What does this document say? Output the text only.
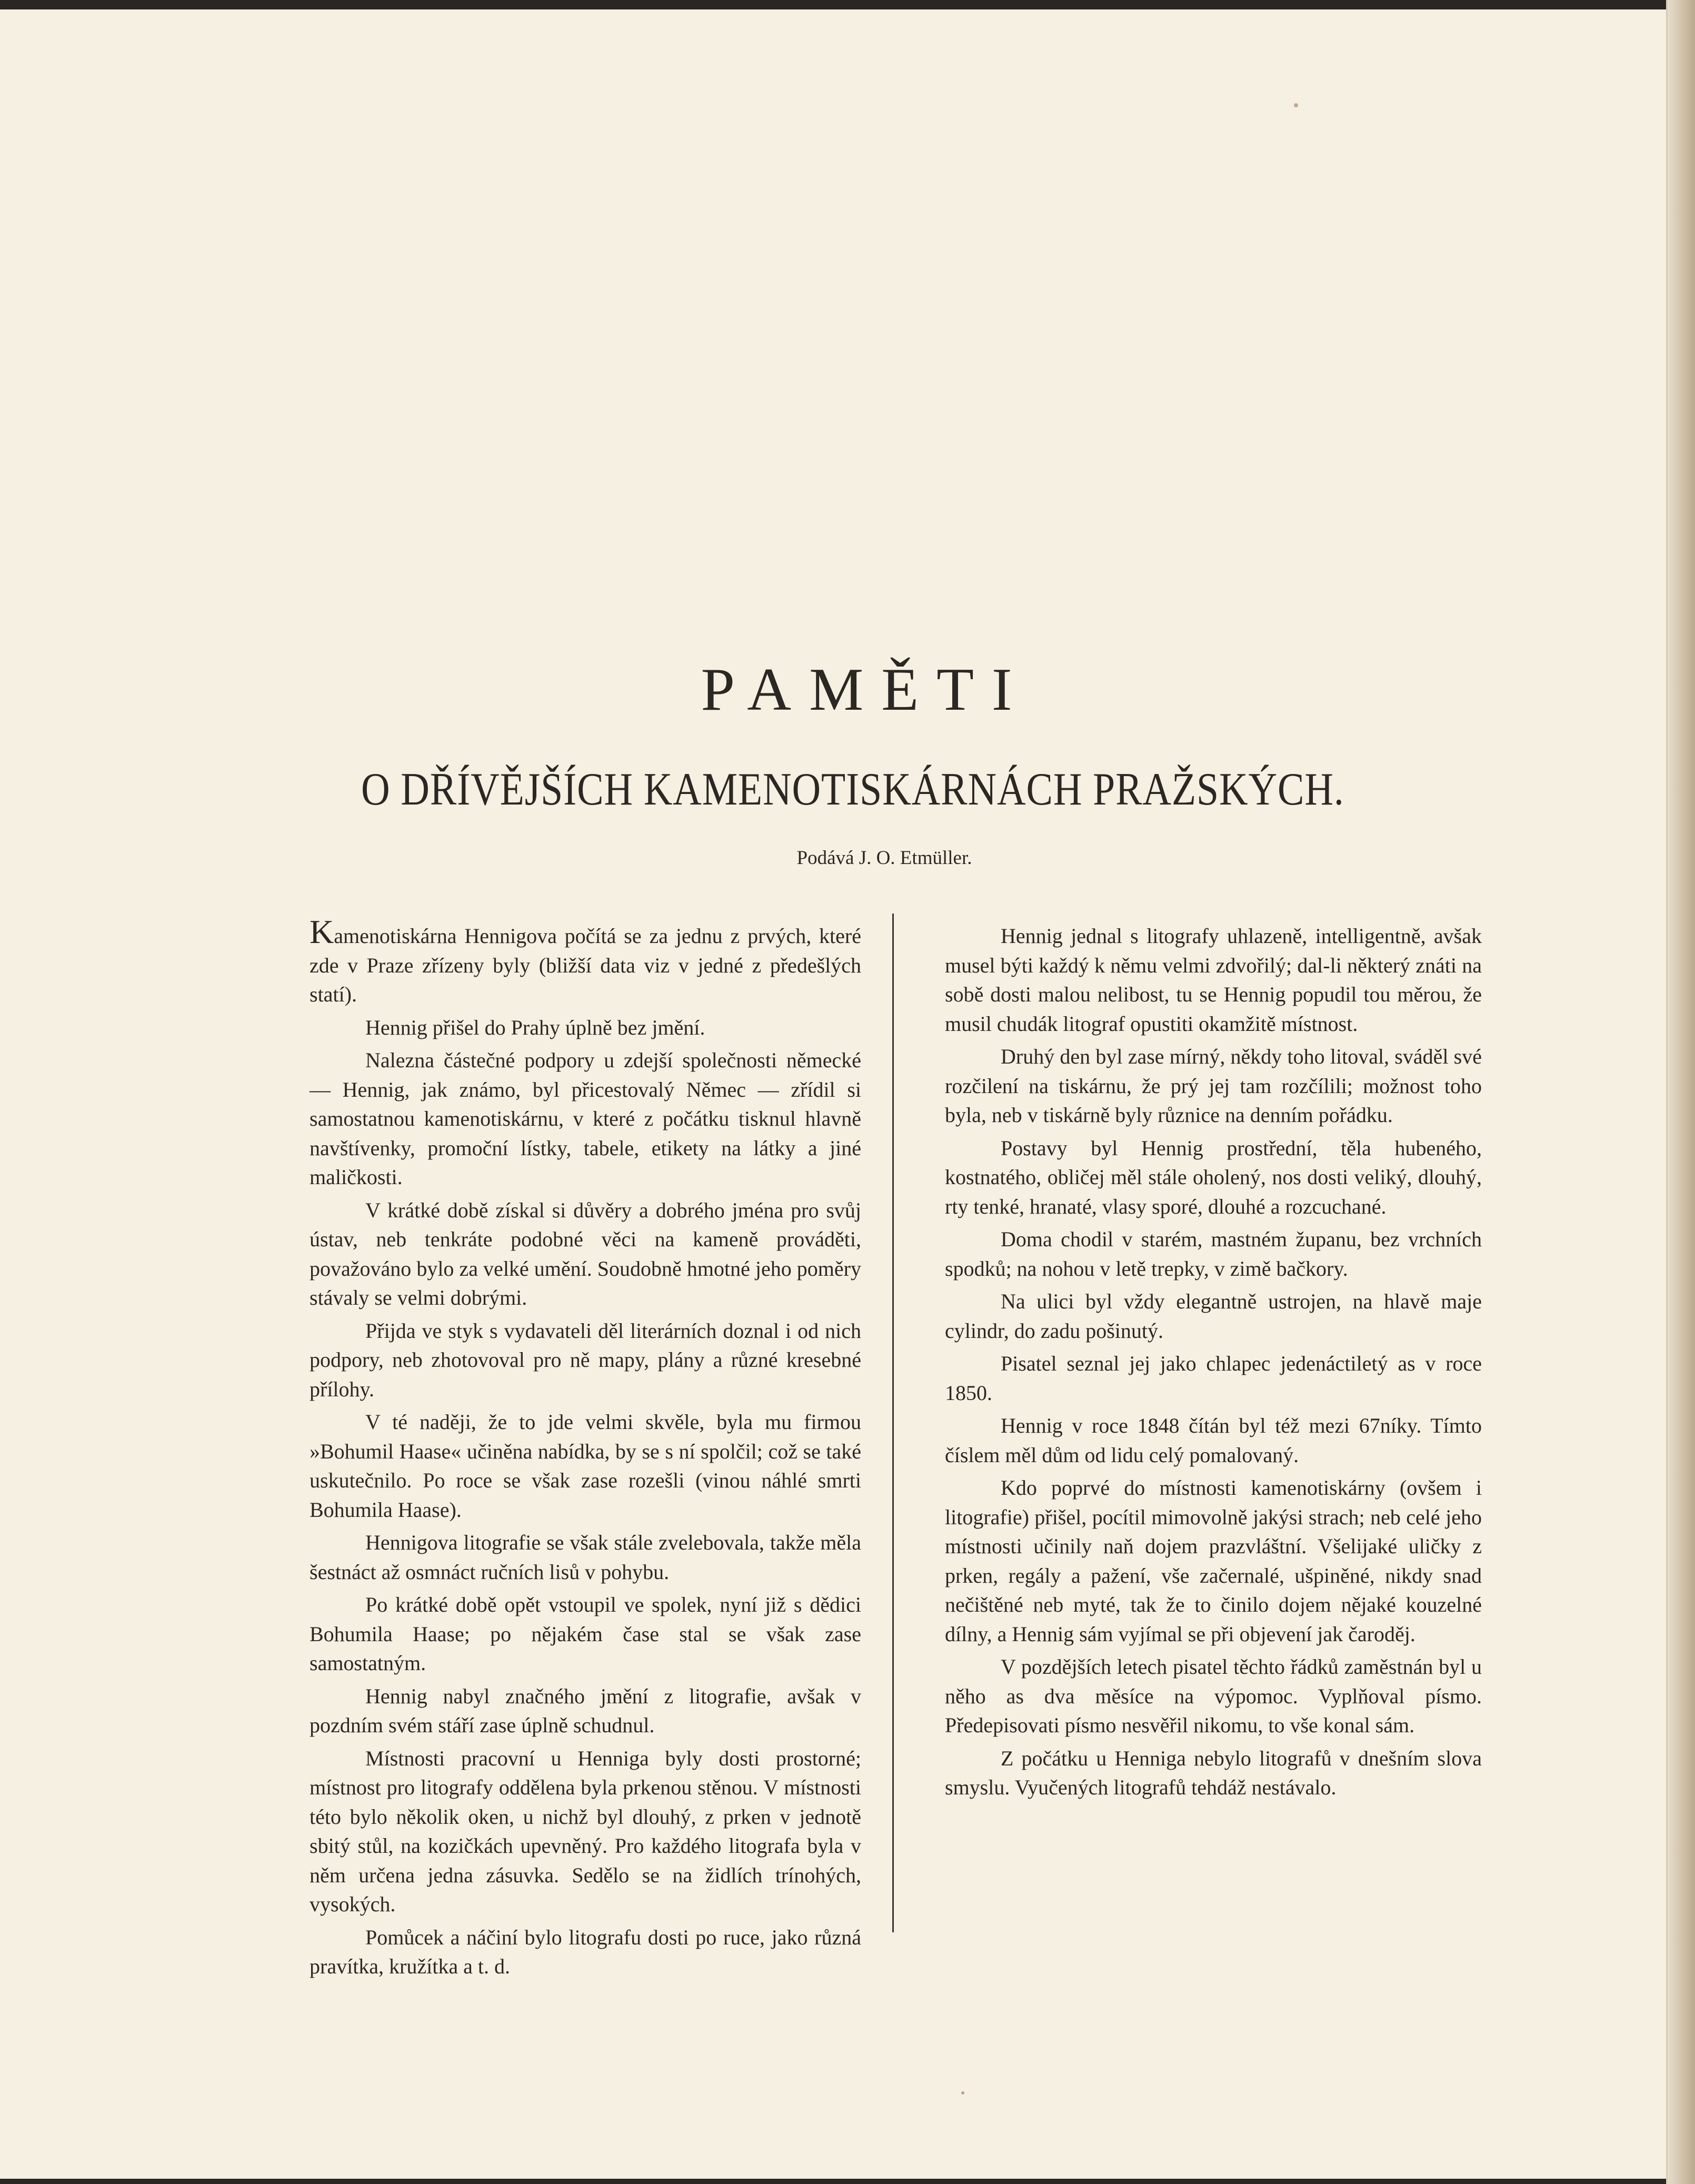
PAMĚTI
O DŘÍVĚJŠÍCH KAMENOTISKÁRNÁCH PRAŽSKÝCH.
Podává J. O. Etmüller.

Kamenotiskárna Hennigova počítá se za jednu z prvých, které zde v Praze zřízeny byly (bližší data viz v jedné z předešlých statí).

Hennig přišel do Prahy úplně bez jmění.

Nalezna částečné podpory u zdejší společnosti německé — Hennig, jak známo, byl přicestovalý Němec — zřídil si samostatnou kamenotiskárnu, v které z počátku tisknul hlavně navštívenky, promoční lístky, tabele, etikety na látky a jiné maličkosti.

V krátké době získal si důvěry a dobrého jména pro svůj ústav, neb tenkráte podobné věci na kameně prováděti, považováno bylo za velké umění. Soudobně hmotné jeho poměry stávaly se velmi dobrými.

Přijda ve styk s vydavateli děl literárních doznal i od nich podpory, neb zhotovoval pro ně mapy, plány a různé kresebné přílohy.

V té naději, že to jde velmi skvěle, byla mu firmou »Bohumil Haase« učiněna nabídka, by se s ní spolčil; což se také uskutečnilo. Po roce se však zase rozešli (vinou náhlé smrti Bohumila Haase).

Hennigova litografie se však stále zvelebovala, takže měla šestnáct až osmnáct ručních lisů v pohybu.

Po krátké době opět vstoupil ve spolek, nyní již s dědici Bohumila Haase; po nějakém čase stal se však zase samostatným.

Hennig nabyl značného jmění z litografie, avšak v pozdním svém stáří zase úplně schudnul.

Místnosti pracovní u Henniga byly dosti prostorné; místnost pro litografy oddělena byla prkenou stěnou. V místnosti této bylo několik oken, u nichž byl dlouhý, z prken v jednotě sbitý stůl, na kozičkách upevněný. Pro každého litografa byla v něm určena jedna zásuvka. Sedělo se na židlích trínohých, vysokých.

Pomůcek a náčiní bylo litografu dosti po ruce, jako různá pravítka, kružítka a t. d.

Hennig jednal s litografy uhlazeně, intelligentně, avšak musel býti každý k němu velmi zdvořilý; dal-li některý znáti na sobě dosti malou nelibost, tu se Hennig popudil tou měrou, že musil chudák litograf opustiti okamžitě místnost.

Druhý den byl zase mírný, někdy toho litoval, sváděl své rozčilení na tiskárnu, že prý jej tam rozčílili; možnost toho byla, neb v tiskárně byly různice na denním pořádku.

Postavy byl Hennig prostřední, těla hubeného, kostnatého, obličej měl stále oholený, nos dosti veliký, dlouhý, rty tenké, hranaté, vlasy sporé, dlouhé a rozcuchané.

Doma chodil v starém, mastném županu, bez vrchních spodků; na nohou v letě trepky, v zimě bačkory.

Na ulici byl vždy elegantně ustrojen, na hlavě maje cylindr, do zadu pošinutý.

Pisatel seznal jej jako chlapec jedenáctiletý as v roce 1850.

Hennig v roce 1848 čítán byl též mezi 67níky. Tímto číslem měl dům od lidu celý pomalovaný.

Kdo poprvé do místnosti kamenotiskárny (ovšem i litografie) přišel, pocítil mimovolně jakýsi strach; neb celé jeho místnosti učinily naň dojem prazvláštní. Všelijaké uličky z prken, regály a pažení, vše začernalé, ušpiněné, nikdy snad nečištěné neb myté, tak že to činilo dojem nějaké kouzelné dílny, a Hennig sám vyjímal se při objevení jak čaroděj.

V pozdějších letech pisatel těchto řádků zaměstnán byl u něho as dva měsíce na výpomoc. Vyplňoval písmo. Předepisovati písmo nesvěřil nikomu, to vše konal sám.

Z počátku u Henniga nebylo litografů v dnešním slova smyslu. Vyučených litografů tehdáž nestávalo.
